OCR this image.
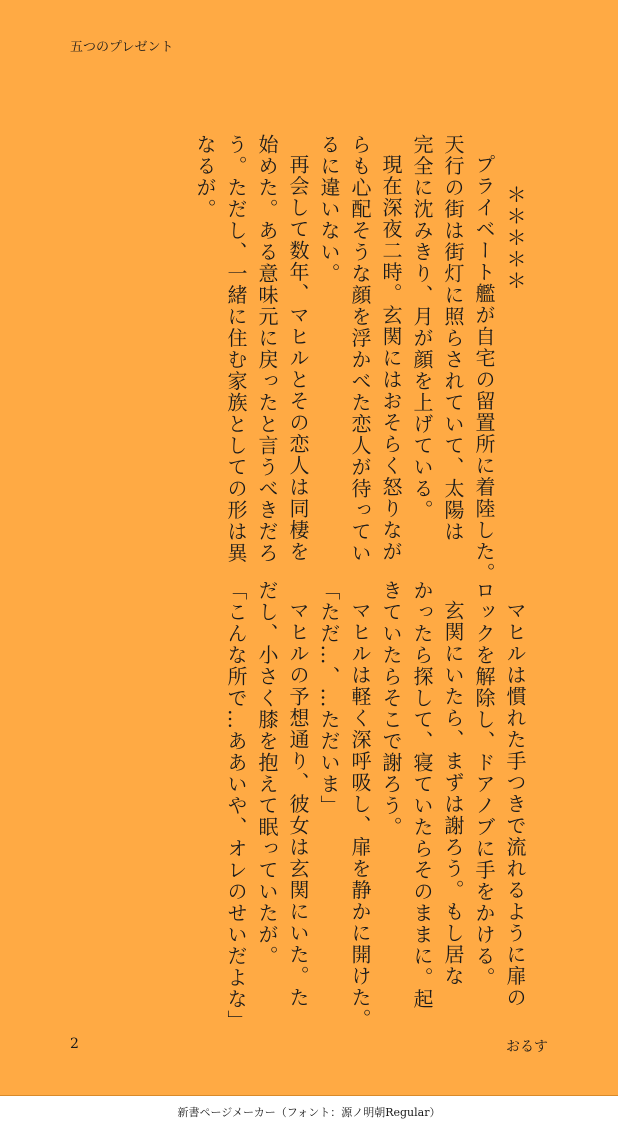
五つのプレゼント

＊＊＊＊＊

プライベート艦が自宅の留置所に着陸した。

天行の街は街灯に照らされていて、太陽は

完全に沈みきり、月が顔を上げている。

現在深夜二時。玄関にはおそらく怒りなが

らも心配そうな顔を浮かべた恋人が待ってい

るに違いない。

再会して数年、マヒルとその恋人は同棲を

始めた。ある意味元に戻ったと言うべきだろ

う。ただし、一緒に住む家族としての形は異

なるが。

マヒルは慣れた手つきで流れるように扉の

ロックを解除し、ドアノブに手をかける。

玄関にいたら、まずは謝ろう。もし居な

かったら探して、寝ていたらそのままに。起

きていたらそこで謝ろう。

マヒルは軽く深呼吸し、扉を静かに開けた。

「ただ…、…ただいま」

マヒルの予想通り、彼女は玄関にいた。た

だし、小さく膝を抱えて眠っていたが。

「こんな所で…ああいや、オレのせいだよな」

2	おるす
新書ページメーカー（フォント：源ノ明朝Regular）
